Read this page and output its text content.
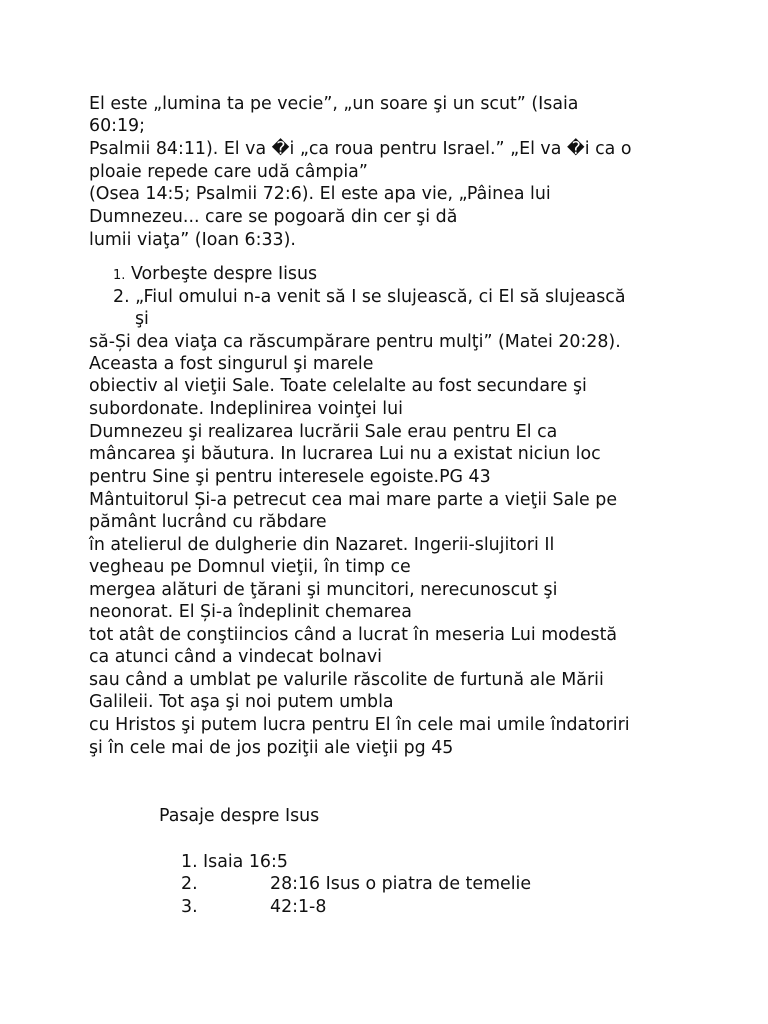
El este „lumina ta pe vecie”, „un soare şi un scut” (Isaia
60:19;
Psalmii 84:11). El va �i „ca roua pentru Israel.” „El va �i ca o
ploaie repede care udă câmpia”
(Osea 14:5; Psalmii 72:6). El este apa vie, „Pâinea lui
Dumnezeu... care se pogoară din cer şi dă
lumii viaţa” (Ioan 6:33).
1. Vorbeşte despre Iisus
2. „Fiul omului n-a venit să I se slujească, ci El să slujească
şi
să-Și dea viaţa ca răscumpărare pentru mulţi” (Matei 20:28).
Aceasta a fost singurul şi marele
obiectiv al vieţii Sale. Toate celelalte au fost secundare şi
subordonate. Indeplinirea voinţei lui
Dumnezeu şi realizarea lucrării Sale erau pentru El ca
mâncarea şi băutura. In lucrarea Lui nu a existat niciun loc
pentru Sine şi pentru interesele egoiste.PG 43
Mântuitorul Și-a petrecut cea mai mare parte a vieţii Sale pe
pământ lucrând cu răbdare
în atelierul de dulgherie din Nazaret. Ingerii-slujitori Il
vegheau pe Domnul vieţii, în timp ce
mergea alături de ţărani şi muncitori, nerecunoscut şi
neonorat. El Și-a îndeplinit chemarea
tot atât de conştiincios când a lucrat în meseria Lui modestă
ca atunci când a vindecat bolnavi
sau când a umblat pe valurile răscolite de furtună ale Mării
Galileii. Tot aşa şi noi putem umbla
cu Hristos şi putem lucra pentru El în cele mai umile îndatoriri
şi în cele mai de jos poziţii ale vieţii pg 45
Pasaje despre Isus
1. Isaia 16:5
2.	28:16 Isus o piatra de temelie
3.	42:1-8
